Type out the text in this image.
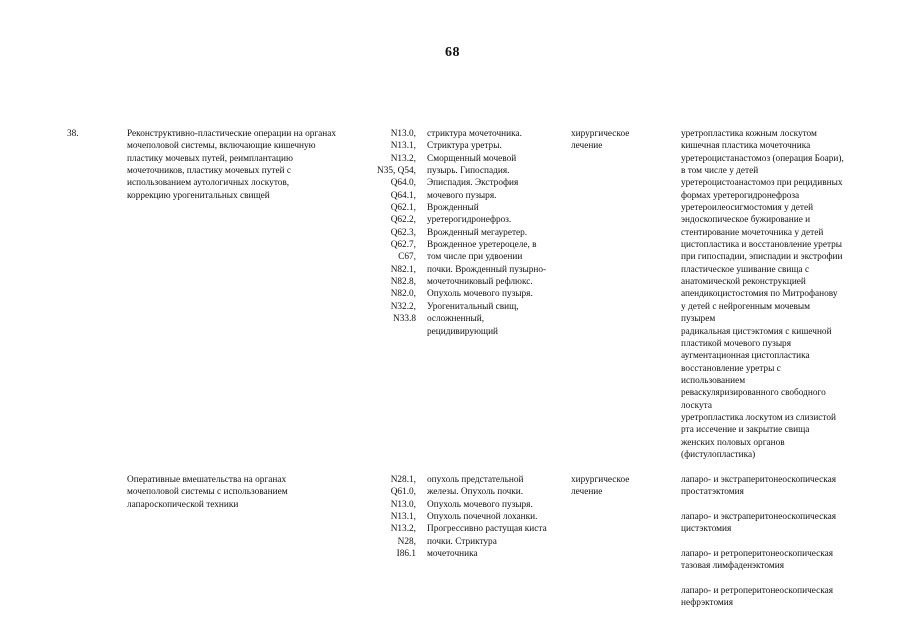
68
38.	Реконструктивно-пластические операции на органах
мочеполовой системы, включающие кишечную
пластику мочевых путей, реимплантацию
мочеточников, пластику мочевых путей с
использованием аутологичных лоскутов,
коррекцию урогенитальных свищей
N13.0,
N13.1,
N13.2,
N35, Q54,
Q64.0,
Q64.1,
Q62.1,
Q62.2,
Q62.3,
Q62.7,
C67,
N82.1,
N82.8,
N82.0,
N32.2,
N33.8
стриктура мочеточника.
Стриктура уретры.
Сморщенный мочевой
пузырь. Гипоспадия.
Эписпадия. Экстрофия
мочевого пузыря.
Врожденный
уретерогидронефроз.
Врожденный мегауретер.
Врожденное уретероцеле, в
том числе при удвоении
почки. Врожденный пузырно-
мочеточниковый рефлюкс.
Опухоль мочевого пузыря.
Урогенитальный свищ,
осложненный,
рецидивирующий
хирургическое
лечение
уретропластика кожным лоскутом
кишечная пластика мочеточника
уретероцистанастомоз (операция Боари),
в том числе у детей
уретероцистоанастомоз при рецидивных
формах уретерогидронефроза
уретероилеосигмостомия у детей
эндоскопическое бужирование и
стентирование мочеточника у детей
цистопластика и восстановление уретры
при гипоспадии, эписпадии и экстрофии
пластическое ушивание свища с
анатомической реконструкцией
апендикоцистостомия по Митрофанову
у детей с нейрогенным мочевым
пузырем
радикальная цистэктомия с кишечной
пластикой мочевого пузыря
аугментационная цистопластика
восстановление уретры с
использованием
реваскуляризированного свободного
лоскута
уретропластика лоскутом из слизистой
рта иссечение и закрытие свища
женских половых органов
(фистулопластика)
Оперативные вмешательства на органах
мочеполовой системы с использованием
лапароскопической техники
N28.1,
Q61.0,
N13.0,
N13.1,
N13.2,
N28,
I86.1
опухоль предстательной
железы. Опухоль почки.
Опухоль мочевого пузыря.
Опухоль почечной лоханки.
Прогрессивно растущая киста
почки. Стриктура
мочеточника
хирургическое
лечение
лапаро- и экстраперитонеоскопическая
простатэктомия
лапаро- и экстраперитонеоскопическая
цистэктомия
лапаро- и ретроперитонеоскопическая
тазовая лимфаденэктомия
лапаро- и ретроперитонеоскопическая
нефрэктомия
